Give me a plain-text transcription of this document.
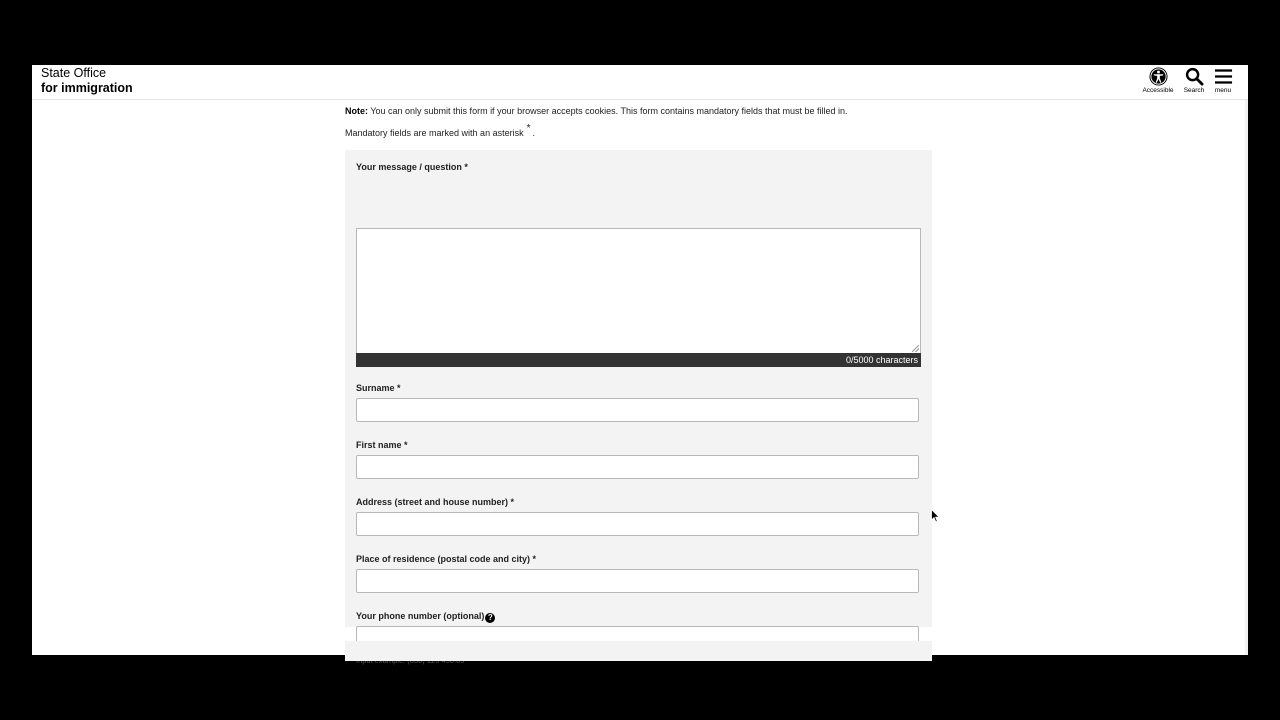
State Office
for immigration	Accessible	Search	menu
Note: You can only submit this form if your browser accepts cookies. This form contains mandatory fields that must be filled in.
Mandatory fields are marked with an asterisk * .
Your message / question *
0/5000 characters
Surname *
First name *
Address (street and house number) *
Place of residence (postal code and city) *
Your phone number (optional) ?
